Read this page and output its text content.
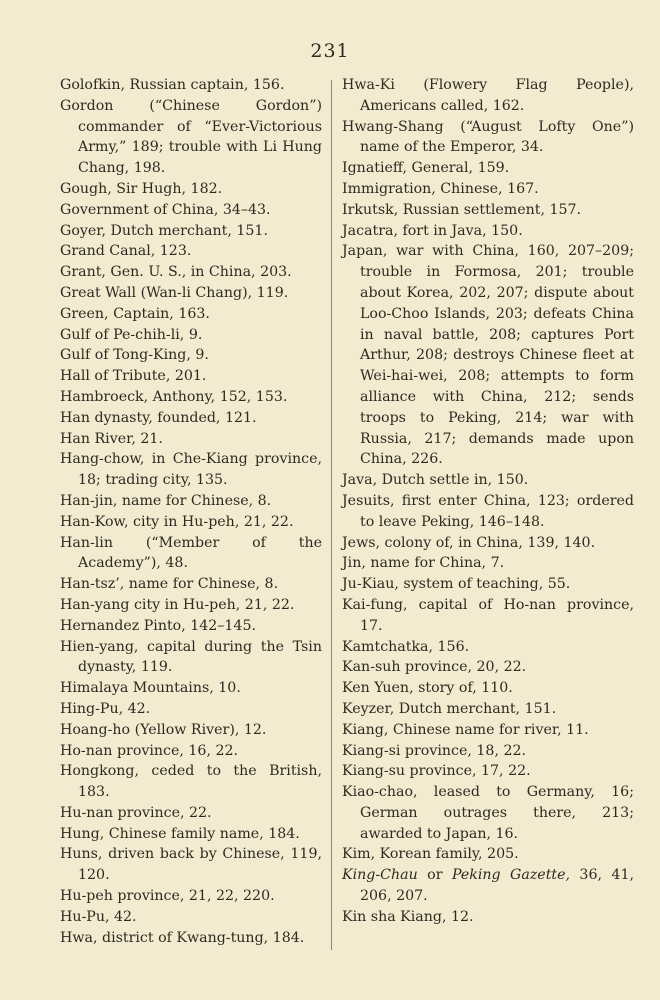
231

Golofkin, Russian captain, 156.

Gordon (“Chinese Gordon”) commander of “Ever-Victorious Army,” 189; trouble with Li Hung Chang, 198.

Gough, Sir Hugh, 182.

Government of China, 34–43.

Goyer, Dutch merchant, 151.

Grand Canal, 123.

Grant, Gen. U. S., in China, 203.

Great Wall (Wan-li Chang), 119.

Green, Captain, 163.

Gulf of Pe-chih-li, 9.

Gulf of Tong-King, 9.

Hall of Tribute, 201.

Hambroeck, Anthony, 152, 153.

Han dynasty, founded, 121.

Han River, 21.

Hang-chow, in Che-Kiang province, 18; trading city, 135.

Han-jin, name for Chinese, 8.

Han-Kow, city in Hu-peh, 21, 22.

Han-lin (“Member of the Academy”), 48.

Han-tsz’, name for Chinese, 8.

Han-yang city in Hu-peh, 21, 22.

Hernandez Pinto, 142–145.

Hien-yang, capital during the Tsin dynasty, 119.

Himalaya Mountains, 10.

Hing-Pu, 42.

Hoang-ho (Yellow River), 12.

Ho-nan province, 16, 22.

Hongkong, ceded to the British, 183.

Hu-nan province, 22.

Hung, Chinese family name, 184.

Huns, driven back by Chinese, 119, 120.

Hu-peh province, 21, 22, 220.

Hu-Pu, 42.

Hwa, district of Kwang-tung, 184.

Hwa-Ki (Flowery Flag People), Americans called, 162.

Hwang-Shang (“August Lofty One”) name of the Emperor, 34.

Ignatieff, General, 159.

Immigration, Chinese, 167.

Irkutsk, Russian settlement, 157.

Jacatra, fort in Java, 150.

Japan, war with China, 160, 207–209; trouble in Formosa, 201; trouble about Korea, 202, 207; dispute about Loo-Choo Islands, 203; defeats China in naval battle, 208; captures Port Arthur, 208; destroys Chinese fleet at Wei-hai-wei, 208; attempts to form alliance with China, 212; sends troops to Peking, 214; war with Russia, 217; demands made upon China, 226.

Java, Dutch settle in, 150.

Jesuits, first enter China, 123; ordered to leave Peking, 146–148.

Jews, colony of, in China, 139, 140.

Jin, name for China, 7.

Ju-Kiau, system of teaching, 55.

Kai-fung, capital of Ho-nan province, 17.

Kamtchatka, 156.

Kan-suh province, 20, 22.

Ken Yuen, story of, 110.

Keyzer, Dutch merchant, 151.

Kiang, Chinese name for river, 11.

Kiang-si province, 18, 22.

Kiang-su province, 17, 22.

Kiao-chao, leased to Germany, 16; German outrages there, 213; awarded to Japan, 16.

Kim, Korean family, 205.

King-Chau or Peking Gazette, 36, 41, 206, 207.

Kin sha Kiang, 12.
